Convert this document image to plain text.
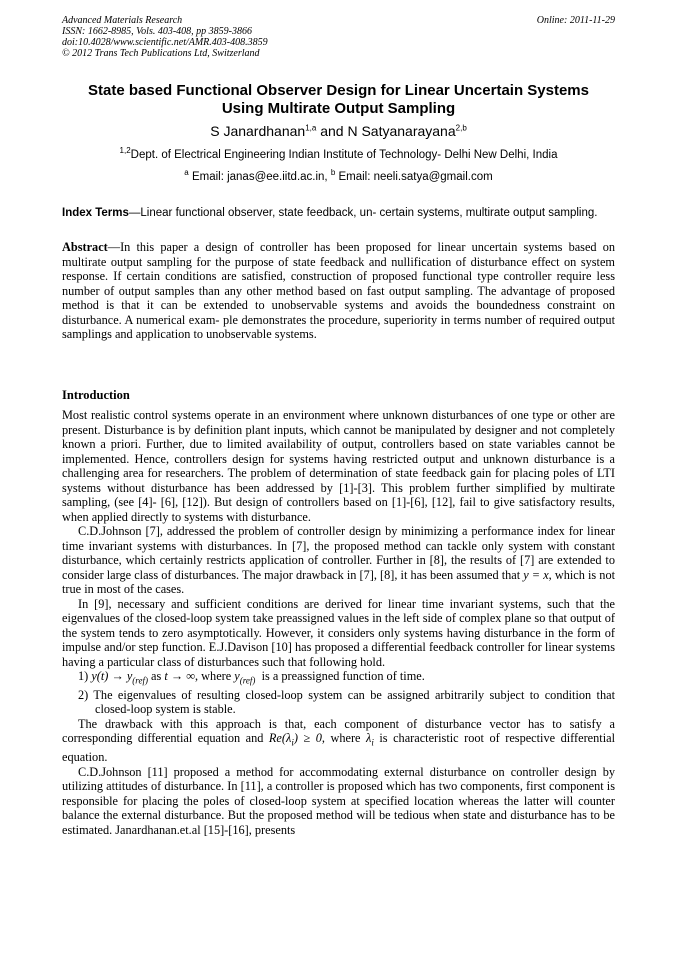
Advanced Materials Research
ISSN: 1662-8985, Vols. 403-408, pp 3859-3866
doi:10.4028/www.scientific.net/AMR.403-408.3859
© 2012 Trans Tech Publications Ltd, Switzerland
Online: 2011-11-29
State based Functional Observer Design for Linear Uncertain Systems
Using Multirate Output Sampling
S Janardhanan$^{1,a}$ and N Satyanarayana$^{2,b}$
$^{1,2}$Dept. of Electrical Engineering Indian Institute of Technology- Delhi New Delhi, India
$^a$ Email: janas@ee.iitd.ac.in, $^b$ Email: neeli.satya@gmail.com
Index Terms—Linear functional observer, state feedback, un- certain systems, multirate output sampling.
Abstract—In this paper a design of controller has been proposed for linear uncertain systems based on multirate output sampling for the purpose of state feedback and nullification of disturbance effect on system response. If certain conditions are satisfied, construction of proposed functional type controller require less number of output samples than any other method based on fast output sampling. The advantage of proposed method is that it can be extended to unobservable systems and avoids the boundedness constraint on disturbance. A numerical exam- ple demonstrates the procedure, superiority in terms number of required output samplings and application to unobservable systems.
Introduction

Most realistic control systems operate in an environment where unknown disturbances of one type or other are present. Disturbance is by definition plant inputs, which cannot be manipulated by designer and not completely known a priori. Further, due to limited availability of output, controllers based on state variables cannot be implemented. Hence, controllers design for systems having restricted output and unknown disturbance is a challenging area for researchers. The problem of determination of state feedback gain for placing poles of LTI systems without disturbance has been addressed by [1]-[3]. This problem further simplified by multirate sampling, (see [4]- [6], [12]). But design of controllers based on [1]-[6], [12], fail to give satisfactory results, when applied directly to systems with disturbance.

C.D.Johnson [7], addressed the problem of controller design by minimizing a performance index for linear time invariant systems with disturbances. In [7], the proposed method can tackle only system with constant disturbance, which certainly restricts application of controller. Further in [8], the results of [7] are extended to consider large class of disturbances. The major drawback in [7], [8], it has been assumed that y = x, which is not true in most of the cases.

In [9], necessary and sufficient conditions are derived for linear time invariant systems, such that the eigenvalues of the closed-loop system take preassigned values in the left side of complex plane so that output of the system tends to zero asymptotically. However, it considers only systems having disturbance in the form of impulse and/or step function. E.J.Davison [10] has proposed a differential feedback controller for linear systems having a particular class of disturbances such that following hold.

1) $y(t) \to y_{(ref)}$ as t → ∞, where $y_{(ref)}$  is a preassigned function of time.

2) The eigenvalues of resulting closed-loop system can be assigned arbitrarily subject to condition that closed-loop system is stable.

The drawback with this approach is that, each component of disturbance vector has to satisfy a corresponding differential equation and $Re(\lambda_i) \ge 0$, where $\lambda_i$ is characteristic root of respective differential equation.

C.D.Johnson [11] proposed a method for accommodating external disturbance on controller design by utilizing attitudes of disturbance. In [11], a controller is proposed which has two components, first component is responsible for placing the poles of closed-loop system at specified location whereas the latter will counter balance the external disturbance. But the proposed method will be tedious when state and disturbance has to be estimated. Janardhanan.et.al [15]-[16], presents
